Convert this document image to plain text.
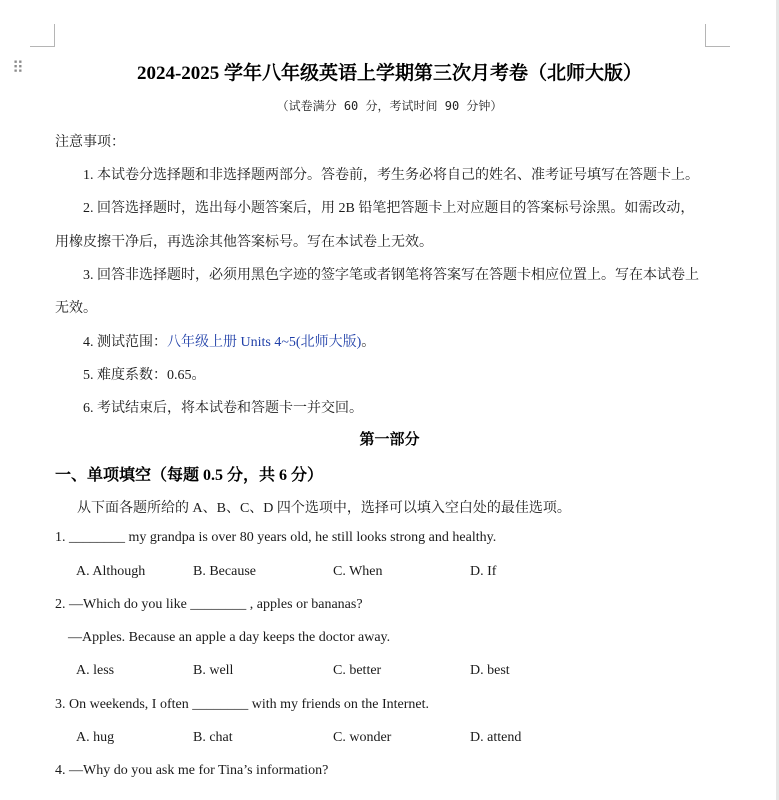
⠿	2024-2025 学年八年级英语上学期第三次月考卷（北师大版）
（试卷满分 60 分，考试时间 90 分钟）
注意事项：
1. 本试卷分选择题和非选择题两部分。答卷前，考生务必将自己的姓名、准考证号填写在答题卡上。
2. 回答选择题时，选出每小题答案后，用 2B 铅笔把答题卡上对应题目的答案标号涂黑。如需改动，
用橡皮擦干净后，再选涂其他答案标号。写在本试卷上无效。
3. 回答非选择题时，必须用黑色字迹的签字笔或者钢笔将答案写在答题卡相应位置上。写在本试卷上
无效。
4. 测试范围：八年级上册 Units 4~5(北师大版)。
5. 难度系数：0.65。
6. 考试结束后，将本试卷和答题卡一并交回。
第一部分
一、单项填空（每题 0.5 分，共 6 分）
从下面各题所给的 A、B、C、D 四个选项中，选择可以填入空白处的最佳选项。
1. ________ my grandpa is over 80 years old, he still looks strong and healthy.
A. Although	B. Because	C. When	D. If
2. —Which do you like ________ , apples or bananas?
—Apples. Because an apple a day keeps the doctor away.
A. less	B. well	C. better	D. best
3. On weekends, I often ________ with my friends on the Internet.
A. hug	B. chat	C. wonder	D. attend
4. —Why do you ask me for Tina’s information?
